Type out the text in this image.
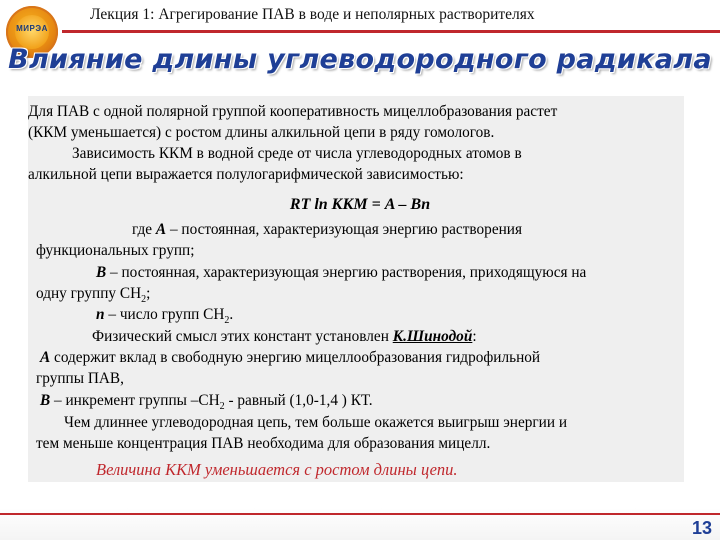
Лекция 1: Агрегирование ПАВ в воде и неполярных растворителях
МИРЭА
Влияние длины углеводородного радикала
Для ПАВ с одной полярной группой кооперативность мицеллобразования растет
(ККМ уменьшается) с ростом длины алкильной цепи в ряду гомологов.
Зависимость ККМ в водной среде от числа углеводородных атомов в
алкильной цепи выражается полулогарифмической зависимостью:
RT ln ККМ = A – Bn
где А – постоянная, характеризующая энергию растворения
функциональных групп;
В – постоянная, характеризующая энергию растворения, приходящуюся на
одну группу $СН_2$;
n – число групп $СН_2$.
Физический смысл этих констант установлен К.Шинодой:
А содержит вклад в свободную энергию мицеллообразования гидрофильной
группы ПАВ,
В – инкремент группы $-СН_2$ - равный (1,0-1,4 ) КТ.
Чем длиннее углеводородная цепь, тем больше окажется выигрыш энергии и
тем меньше концентрация ПАВ необходима для образования мицелл.
Величина ККМ уменьшается с ростом длины цепи.
13
